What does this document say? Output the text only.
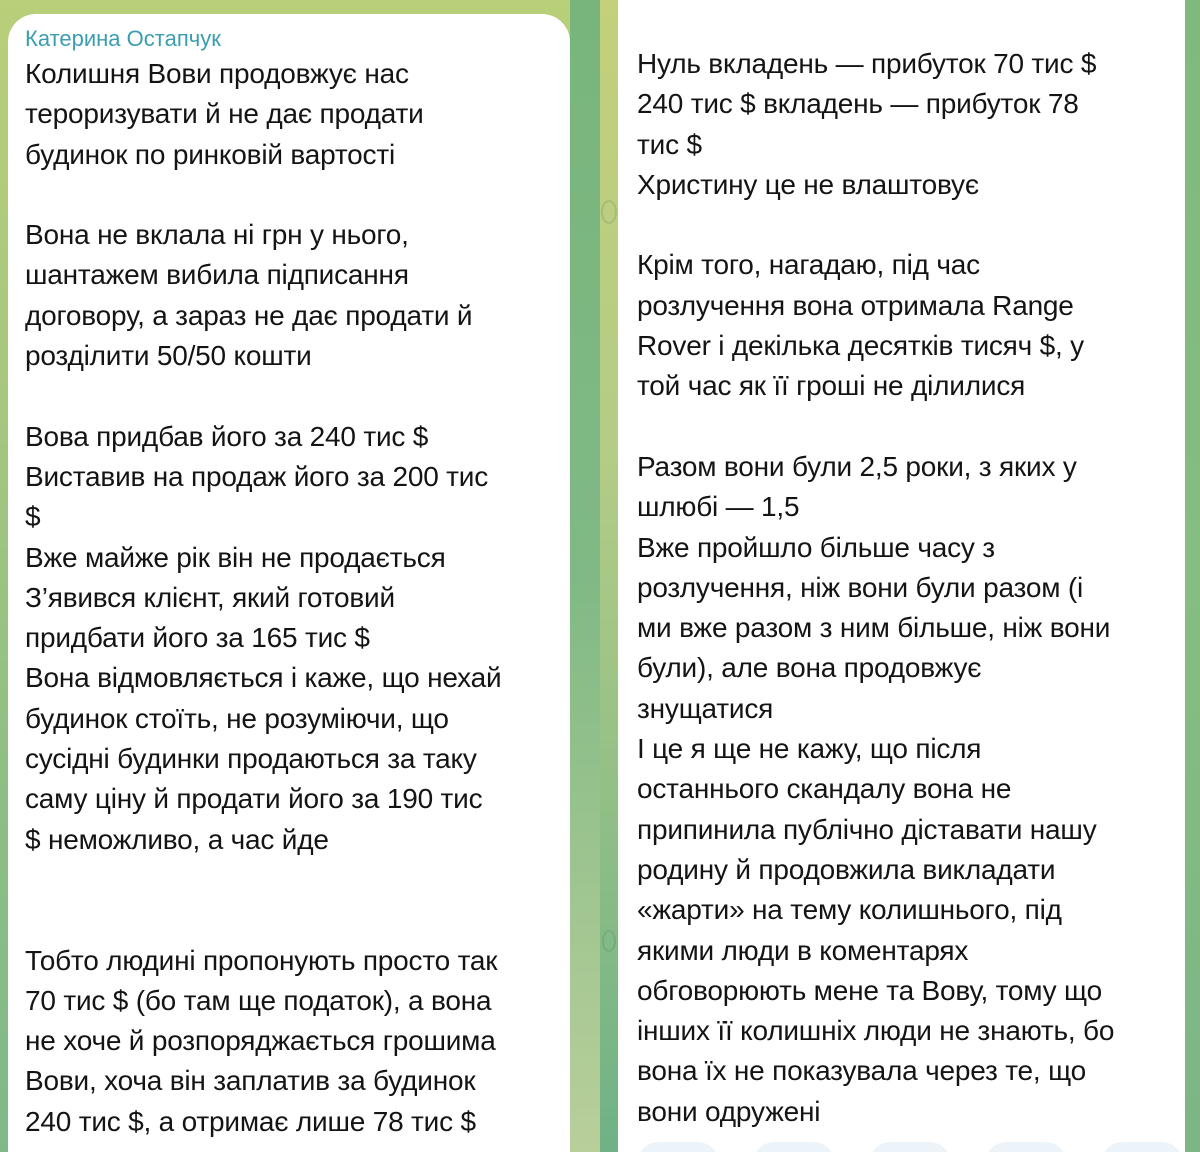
Катерина Остапчук
Колишня Вови продовжує нас
тероризувати й не дає продати
будинок по ринковій вартості
Вона не вклала ні грн у нього,
шантажем вибила підписання
договору, а зараз не дає продати й
розділити 50/50 кошти
Вова придбав його за 240 тис $
Виставив на продаж його за 200 тис
$
Вже майже рік він не продається
З’явився клієнт, який готовий
придбати його за 165 тис $
Вона відмовляється і каже, що нехай
будинок стоїть, не розуміючи, що
сусідні будинки продаються за таку
саму ціну й продати його за 190 тис
$ неможливо, а час йде
Тобто людині пропонують просто так
70 тис $ (бо там ще податок), а вона
не хоче й розпоряджається грошима
Вови, хоча він заплатив за будинок
240 тис $, а отримає лише 78 тис $
Нуль вкладень — прибуток 70 тис $
240 тис $ вкладень — прибуток 78
тис $
Христину це не влаштовує
Крім того, нагадаю, під час
розлучення вона отримала Range
Rover і декілька десятків тисяч $, у
той час як її гроші не ділилися
Разом вони були 2,5 роки, з яких у
шлюбі — 1,5
Вже пройшло більше часу з
розлучення, ніж вони були разом (і
ми вже разом з ним більше, ніж вони
були), але вона продовжує
знущатися
І це я ще не кажу, що після
останнього скандалу вона не
припинила публічно діставати нашу
родину й продовжила викладати
«жарти» на тему колишнього, під
якими люди в коментарях
обговорюють мене та Вову, тому що
інших її колишніх люди не знають, бо
вона їх не показувала через те, що
вони одружені
